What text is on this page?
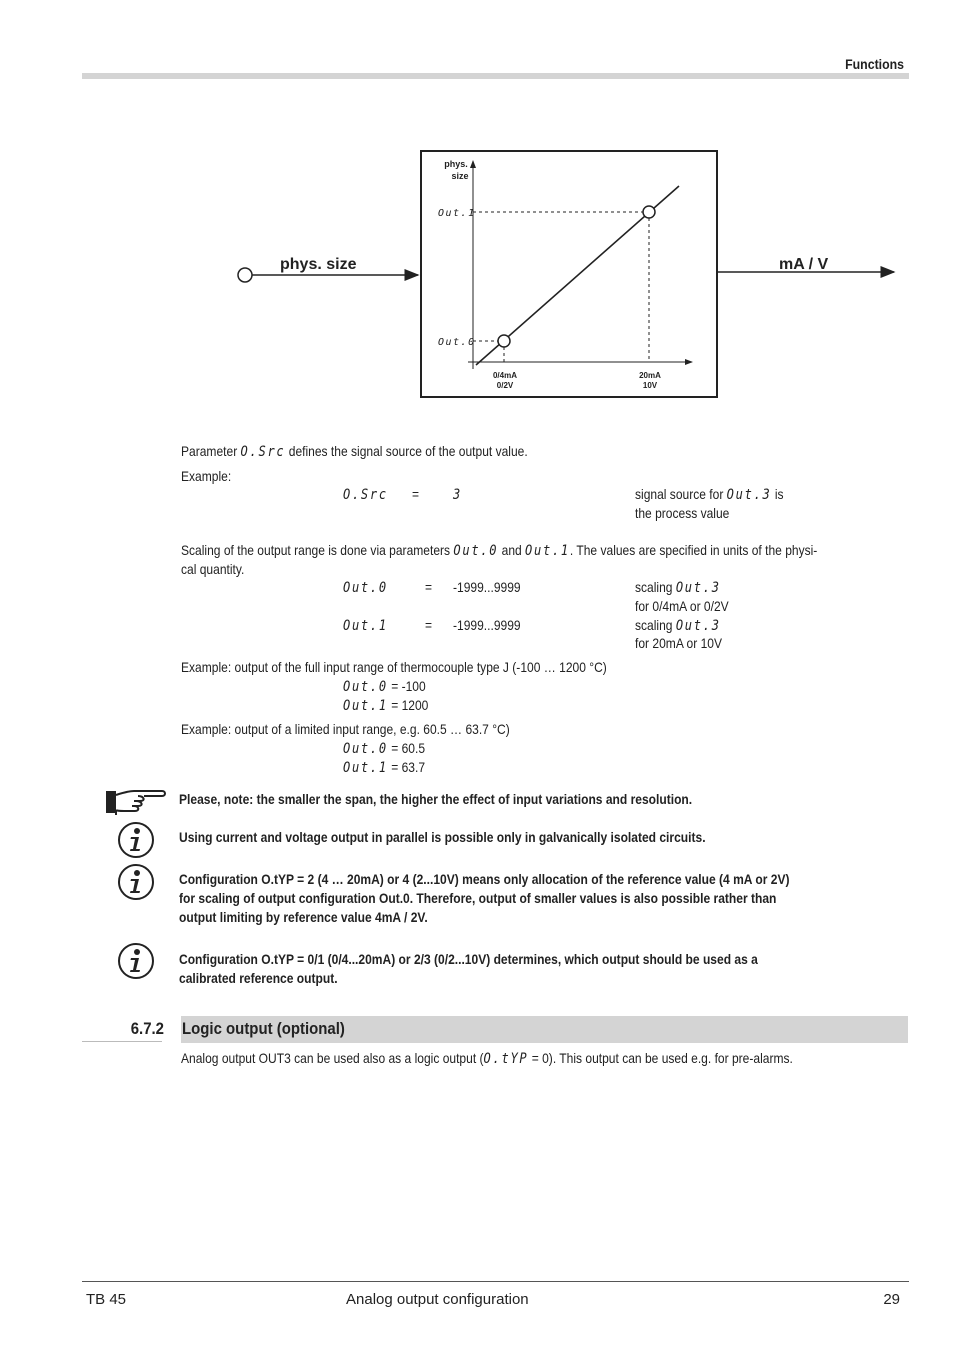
Functions
phys. size	mA / V
phys.
size
Out.1
Out.0
0/4mA
0/2V
20mA
10V
Parameter O.Src defines the signal source of the output value.
Example:
O.Src = 3	signal source for Out.3 is
the process value
Scaling of the output range is done via parameters Out.0 and Out.1. The values are specified in units of the physi-
cal quantity.
Out.0	= -1999...9999	scaling Out.3
for 0/4mA or 0/2V
Out.1	= -1999...9999	scaling Out.3
for 20mA or 10V
Example: output of the full input range of thermocouple type J (-100 … 1200 °C)
Out.0 = -100
Out.1 = 1200
Example: output of a limited input range, e.g. 60.5 … 63.7 °C)
Out.0 = 60.5
Out.1 = 63.7
Please, note: the smaller the span, the higher the effect of input variations and resolution.
Using current and voltage output in parallel is possible only in galvanically isolated circuits.
Configuration O.tYP = 2 (4 … 20mA) or 4 (2...10V) means only allocation of the reference value (4 mA or 2V)
for scaling of output configuration Out.0. Therefore, output of smaller values is also possible rather than
output limiting by reference value 4mA / 2V.
Configuration O.tYP = 0/1 (0/4...20mA) or 2/3 (0/2...10V) determines, which output should be used as a
calibrated reference output.
6.7.2 Logic output (optional)
Analog output OUT3 can be used also as a logic output (O.tYP = 0). This output can be used e.g. for pre-alarms.
TB 45	Analog output configuration	29
